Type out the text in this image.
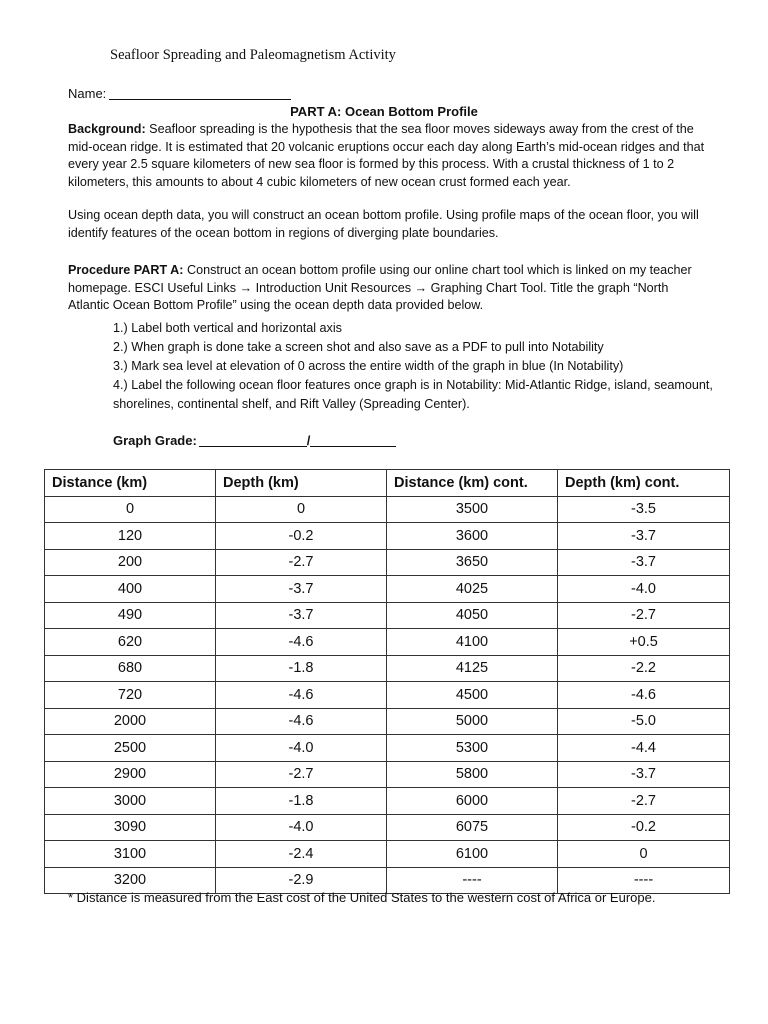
Seafloor Spreading and Paleomagnetism Activity
Name:
PART A: Ocean Bottom Profile

Background: Seafloor spreading is the hypothesis that the sea floor moves sideways away from the crest of the mid-ocean ridge. It is estimated that 20 volcanic eruptions occur each day along Earth’s mid-ocean ridges and that every year 2.5 square kilometers of new sea floor is formed by this process. With a crustal thickness of 1 to 2 kilometers, this amounts to about 4 cubic kilometers of new ocean crust formed each year.

Using ocean depth data, you will construct an ocean bottom profile. Using profile maps of the ocean floor, you will identify features of the ocean bottom in regions of diverging plate boundaries.

Procedure PART A: Construct an ocean bottom profile using our online chart tool which is linked on my teacher homepage. ESCI Useful Links → Introduction Unit Resources → Graphing Chart Tool. Title the graph “North Atlantic Ocean Bottom Profile” using the ocean depth data provided below.

1.) Label both vertical and horizontal axis
2.) When graph is done take a screen shot and also save as a PDF to pull into Notability
3.) Mark sea level at elevation of 0 across the entire width of the graph in blue (In Notability)
4.) Label the following ocean floor features once graph is in Notability: Mid-Atlantic Ridge, island, seamount, shorelines, continental shelf, and Rift Valley (Spreading Center).
Graph Grade:	/
Distance (km)	Depth (km)	Distance (km) cont.	Depth (km) cont.
0	0	3500	-3.5
120	-0.2	3600	-3.7
200	-2.7	3650	-3.7
400	-3.7	4025	-4.0
490	-3.7	4050	-2.7
620	-4.6	4100	+0.5
680	-1.8	4125	-2.2
720	-4.6	4500	-4.6
2000	-4.6	5000	-5.0
2500	-4.0	5300	-4.4
2900	-2.7	5800	-3.7
3000	-1.8	6000	-2.7
3090	-4.0	6075	-0.2
3100	-2.4	6100	0
3200	-2.9	----	----
* Distance is measured from the East cost of the United States to the western cost of Africa or Europe.
